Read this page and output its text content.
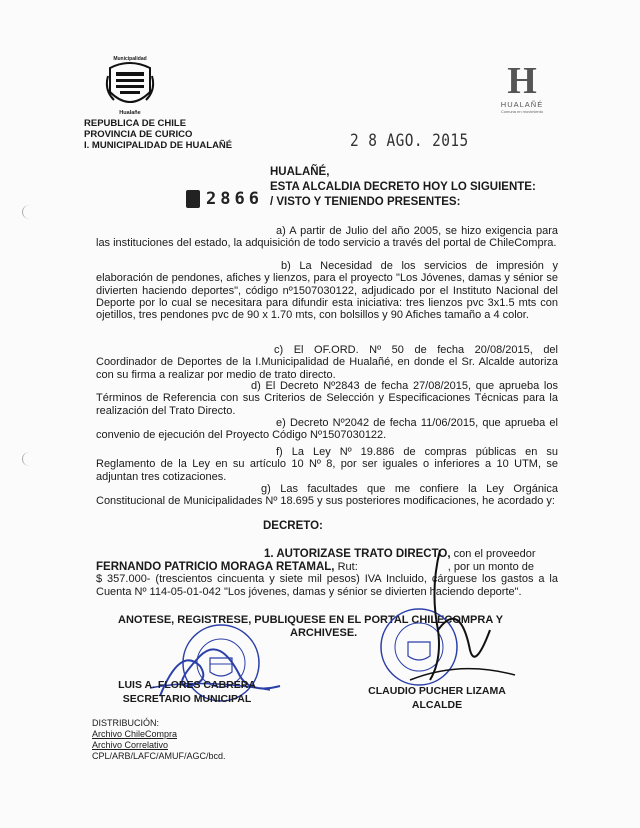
Municipalidad
Hualañe
REPUBLICA DE CHILE
PROVINCIA DE CURICO
I. MUNICIPALIDAD DE HUALAÑÉ
H
HUALAÑÉ
Comuna en movimiento
2 8 AGO. 2015
HUALAÑÉ,
ESTA ALCALDIA DECRETO HOY LO SIGUIENTE:
2866 / VISTO Y TENIENDO PRESENTES:
a) A partir de Julio del año 2005, se hizo exigencia para las instituciones del estado, la adquisición de todo servicio a través del portal de ChileCompra.
b) La Necesidad de los servicios de impresión y elaboración de pendones, afiches y lienzos, para el proyecto "Los Jóvenes, damas y sénior se divierten haciendo deportes", código nº1507030122, adjudicado por el Instituto Nacional del Deporte por lo cual se necesitara para difundir esta iniciativa: tres lienzos pvc 3x1.5 mts con ojetillos, tres pendones pvc de 90 x 1.70 mts, con bolsillos y 90 Afiches tamaño a 4 color.
c) El OF.ORD. Nº 50 de fecha 20/08/2015, del Coordinador de Deportes de la I.Municipalidad de Hualañé, en donde el Sr. Alcalde autoriza con su firma a realizar por medio de trato directo.
d) El Decreto Nº2843 de fecha 27/08/2015, que aprueba los Términos de Referencia con sus Criterios de Selección y Especificaciones Técnicas para la realización del Trato Directo.
e) Decreto Nº2042 de fecha 11/06/2015, que aprueba el convenio de ejecución del Proyecto Código Nº1507030122.
f) La Ley Nº 19.886 de compras públicas en su Reglamento de la Ley en su artículo 10 Nº 8, por ser iguales o inferiores a 10 UTM, se adjuntan tres cotizaciones.
g) Las facultades que me confiere la Ley Orgánica Constitucional de Municipalidades Nº 18.695 y sus posteriores modificaciones, he acordado y:
DECRETO:
1. AUTORIZASE TRATO DIRECTO, con el proveedor
FERNANDO PATRICIO MORAGA RETAMAL, Rut:	, por un monto de
$ 357.000- (trescientos cincuenta y siete mil pesos) IVA Incluido, cárguese los gastos a la Cuenta Nº 114-05-01-042 "Los jóvenes, damas y sénior se divierten haciendo deporte".
ANOTESE, REGISTRESE, PUBLIQUESE EN EL PORTAL CHILECOMPRA Y
ARCHIVESE.
LUIS A. FLORES CABRERA
SECRETARIO MUNICIPAL
CLAUDIO PUCHER LIZAMA
ALCALDE
DISTRIBUCIÓN:
Archivo ChileCompra
Archivo Correlativo
CPL/ARB/LAFC/AMUF/AGC/bcd.
